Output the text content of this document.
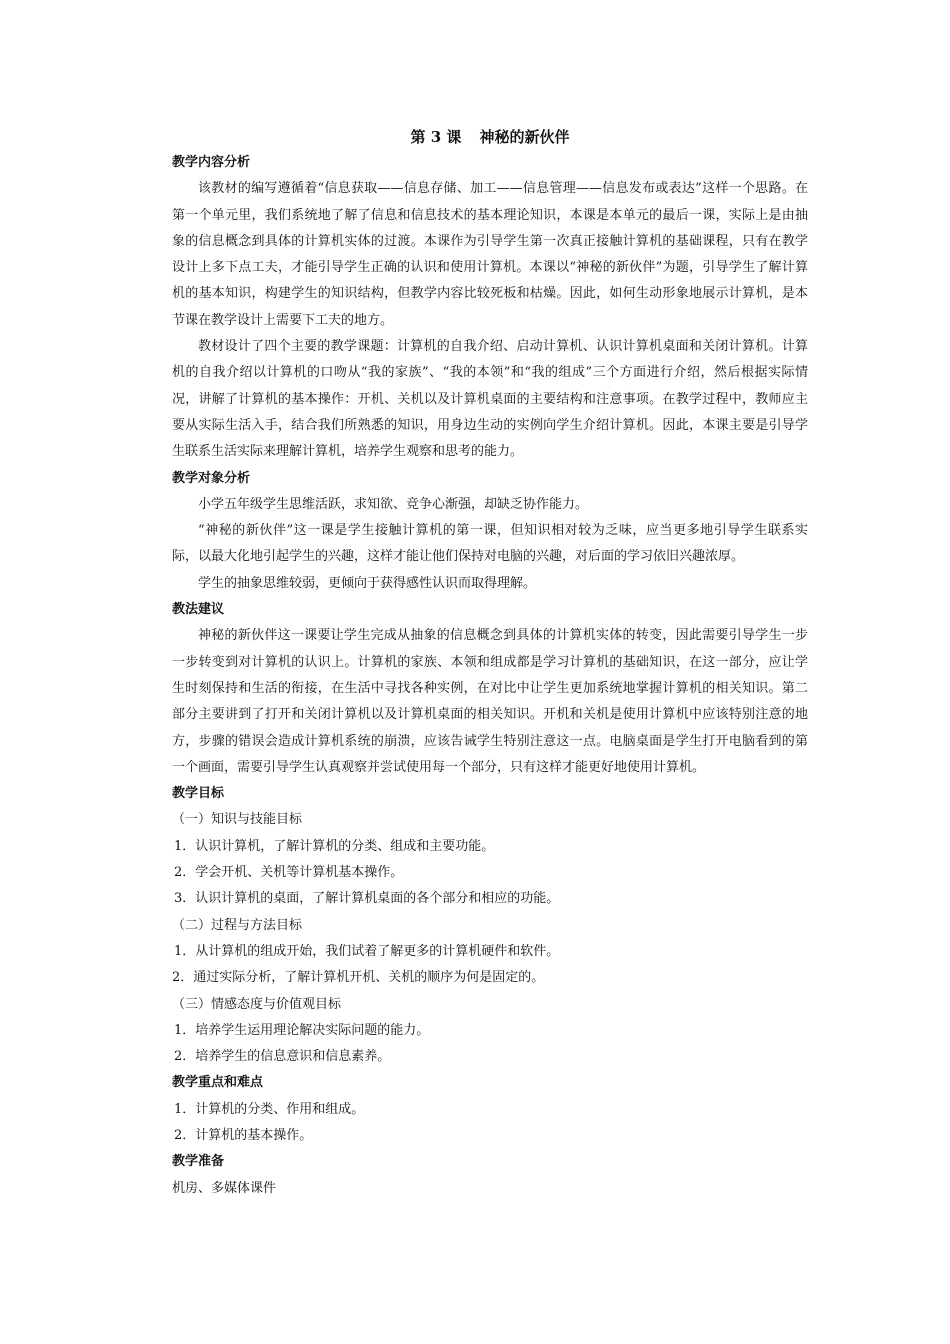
第 3 课 神秘的新伙伴
教学内容分析
该教材的编写遵循着“信息获取——信息存储、加工——信息管理——信息发布或表达”这样一个思路。在第一个单元里，我们系统地了解了信息和信息技术的基本理论知识，本课是本单元的最后一课，实际上是由抽象的信息概念到具体的计算机实体的过渡。本课作为引导学生第一次真正接触计算机的基础课程，只有在教学设计上多下点工夫，才能引导学生正确的认识和使用计算机。本课以“神秘的新伙伴”为题，引导学生了解计算机的基本知识，构建学生的知识结构，但教学内容比较死板和枯燥。因此，如何生动形象地展示计算机，是本节课在教学设计上需要下工夫的地方。
教材设计了四个主要的教学课题：计算机的自我介绍、启动计算机、认识计算机桌面和关闭计算机。计算机的自我介绍以计算机的口吻从“我的家族”、“我的本领”和“我的组成”三个方面进行介绍，然后根据实际情况，讲解了计算机的基本操作：开机、关机以及计算机桌面的主要结构和注意事项。在教学过程中，教师应主要从实际生活入手，结合我们所熟悉的知识，用身边生动的实例向学生介绍计算机。因此，本课主要是引导学生联系生活实际来理解计算机，培养学生观察和思考的能力。
教学对象分析
小学五年级学生思维活跃，求知欲、竞争心渐强，却缺乏协作能力。
“神秘的新伙伴”这一课是学生接触计算机的第一课，但知识相对较为乏味，应当更多地引导学生联系实际，以最大化地引起学生的兴趣，这样才能让他们保持对电脑的兴趣，对后面的学习依旧兴趣浓厚。
学生的抽象思维较弱，更倾向于获得感性认识而取得理解。
教法建议
神秘的新伙伴这一课要让学生完成从抽象的信息概念到具体的计算机实体的转变，因此需要引导学生一步一步转变到对计算机的认识上。计算机的家族、本领和组成都是学习计算机的基础知识，在这一部分，应让学生时刻保持和生活的衔接，在生活中寻找各种实例，在对比中让学生更加系统地掌握计算机的相关知识。第二部分主要讲到了打开和关闭计算机以及计算机桌面的相关知识。开机和关机是使用计算机中应该特别注意的地方，步骤的错误会造成计算机系统的崩溃，应该告诫学生特别注意这一点。电脑桌面是学生打开电脑看到的第一个画面，需要引导学生认真观察并尝试使用每一个部分，只有这样才能更好地使用计算机。
教学目标
（一）知识与技能目标
1．认识计算机，了解计算机的分类、组成和主要功能。
2．学会开机、关机等计算机基本操作。
3．认识计算机的桌面，了解计算机桌面的各个部分和相应的功能。
（二）过程与方法目标
1．从计算机的组成开始，我们试着了解更多的计算机硬件和软件。
2．通过实际分析，了解计算机开机、关机的顺序为何是固定的。
（三）情感态度与价值观目标
1．培养学生运用理论解决实际问题的能力。
2．培养学生的信息意识和信息素养。
教学重点和难点
1．计算机的分类、作用和组成。
2．计算机的基本操作。
教学准备
机房、多媒体课件
